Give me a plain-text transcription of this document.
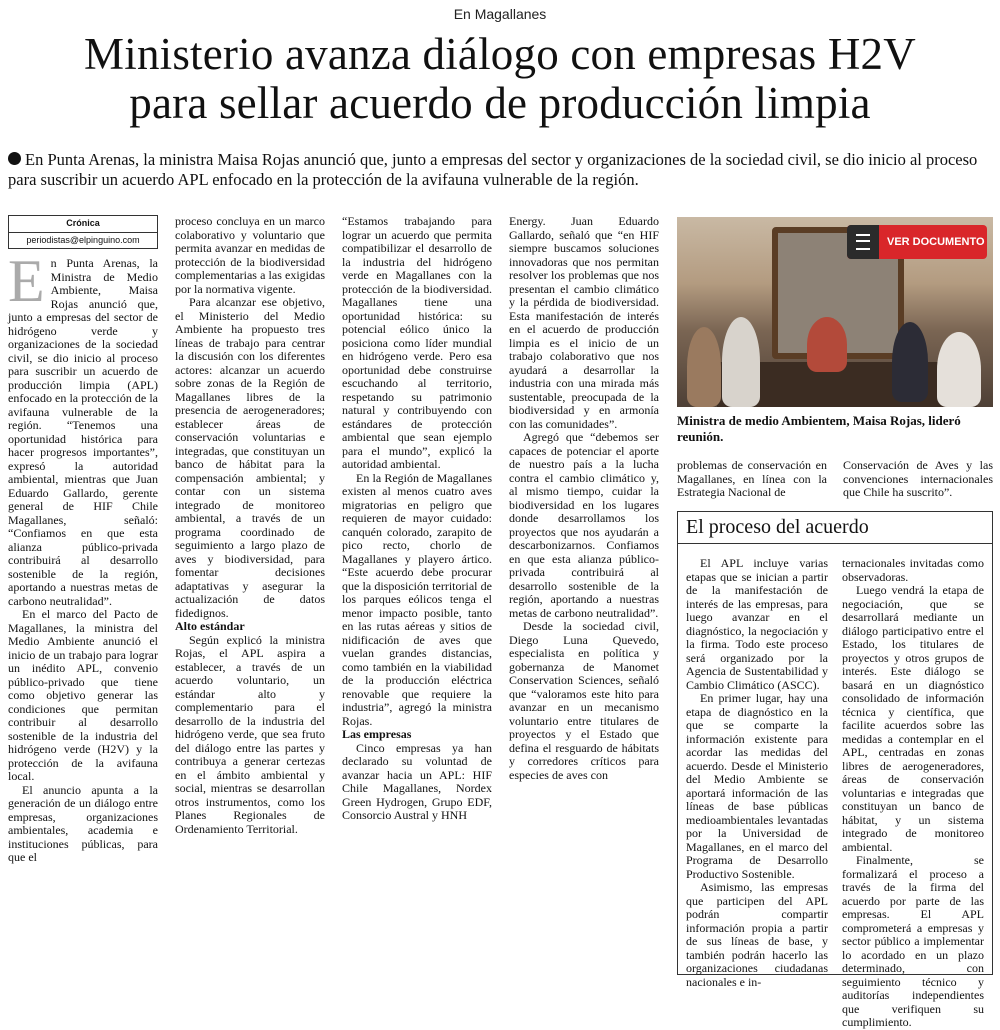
En Magallanes
Ministerio avanza diálogo con empresas H2V
para sellar acuerdo de producción limpia
En Punta Arenas, la ministra Maisa Rojas anunció que, junto a empresas del sector y organizaciones de la sociedad civil, se dio inicio al proceso para suscribir un acuerdo APL enfocado en la protección de la avifauna vulnerable de la región.
Crónica
periodistas@elpinguino.com

En Punta Arenas, la Ministra de Medio Ambiente, Maisa Rojas anunció que, junto a empresas del sector de hidrógeno verde y organizaciones de la sociedad civil, se dio inicio al proceso para suscribir un acuerdo de producción limpia (APL) enfocado en la protección de la avifauna vulnerable de la región. “Tenemos una oportunidad histórica para hacer progresos importantes”, expresó la autoridad ambiental, mientras que Juan Eduardo Gallardo, gerente general de HIF Chile Magallanes, señaló: “Confiamos en que esta alianza público-privada contribuirá al desarrollo sostenible de la región, aportando a nuestras metas de carbono neutralidad”.

En el marco del Pacto de Magallanes, la ministra del Medio Ambiente anunció el inicio de un trabajo para lograr un inédito APL, convenio público-privado que tiene como objetivo generar las condiciones que permitan contribuir al desarrollo sostenible de la industria del hidrógeno verde (H2V) y la protección de la avifauna local.

El anuncio apunta a la generación de un diálogo entre empresas, organizaciones ambientales, academia e instituciones públicas, para que el

proceso concluya en un marco colaborativo y voluntario que permita avanzar en medidas de protección de la biodiversidad complementarias a las exigidas por la normativa vigente.

Para alcanzar ese objetivo, el Ministerio del Medio Ambiente ha propuesto tres líneas de trabajo para centrar la discusión con los diferentes actores: alcanzar un acuerdo sobre zonas de la Región de Magallanes libres de la presencia de aerogeneradores; establecer áreas de conservación voluntarias e integradas, que constituyan un banco de hábitat para la compensación ambiental; y contar con un sistema integrado de monitoreo ambiental, a través de un programa coordinado de seguimiento a largo plazo de aves y biodiversidad, para fomentar decisiones adaptativas y asegurar la actualización de datos fidedignos.

Alto estándar

Según explicó la ministra Rojas, el APL aspira a establecer, a través de un acuerdo voluntario, un estándar alto y complementario para el desarrollo de la industria del hidrógeno verde, que sea fruto del diálogo entre las partes y contribuya a generar certezas en el ámbito ambiental y social, mientras se desarrollan otros instrumentos, como los Planes Regionales de Ordenamiento Territorial.

“Estamos trabajando para lograr un acuerdo que permita compatibilizar el desarrollo de la industria del hidrógeno verde en Magallanes con la protección de la biodiversidad. Magallanes tiene una oportunidad histórica: su potencial eólico único la posiciona como líder mundial en hidrógeno verde. Pero esa oportunidad debe construirse escuchando al territorio, respetando su patrimonio natural y contribuyendo con estándares de protección ambiental que sean ejemplo para el mundo”, explicó la autoridad ambiental.

En la Región de Magallanes existen al menos cuatro aves migratorias en peligro que requieren de mayor cuidado: canquén colorado, zarapito de pico recto, chorlo de Magallanes y playero ártico. “Este acuerdo debe procurar que la disposición territorial de los parques eólicos tenga el menor impacto posible, tanto en las rutas aéreas y sitios de nidificación de aves que vuelan grandes distancias, como también en la viabilidad de la producción eléctrica renovable que requiere la industria”, agregó la ministra Rojas.

Las empresas

Cinco empresas ya han declarado su voluntad de avanzar hacia un APL: HIF Chile Magallanes, Nordex Green Hydrogen, Grupo EDF, Consorcio Austral y HNH

Energy. Juan Eduardo Gallardo, señaló que “en HIF siempre buscamos soluciones innovadoras que nos permitan resolver los problemas que nos presentan el cambio climático y la pérdida de biodiversidad. Esta manifestación de interés en el acuerdo de producción limpia es el inicio de un trabajo colaborativo que nos ayudará a desarrollar la industria con una mirada más sustentable, preocupada de la biodiversidad y en armonía con las comunidades”.

Agregó que “debemos ser capaces de potenciar el aporte de nuestro país a la lucha contra el cambio climático y, al mismo tiempo, cuidar la biodiversidad en los lugares donde desarrollamos los proyectos que nos ayudarán a descarbonizarnos. Confiamos en que esta alianza público-privada contribuirá al desarrollo sostenible de la región, aportando a nuestras metas de carbono neutralidad”.

Desde la sociedad civil, Diego Luna Quevedo, especialista en política y gobernanza de Manomet Conservation Sciences, señaló que “valoramos este hito para avanzar en un mecanismo voluntario entre titulares de proyectos y el Estado que defina el resguardo de hábitats y corredores críticos para especies de aves con

VER DOCUMENTO
Ministra de medio Ambientem, Maisa Rojas, lideró reunión.
problemas de conservación en Magallanes, en línea con la Estrategia Nacional de
Conservación de Aves y las convenciones internacionales que Chile ha suscrito”.
El proceso del acuerdo

El APL incluye varias etapas que se inician a partir de la manifestación de interés de las empresas, para luego avanzar en el diagnóstico, la negociación y la firma. Todo este proceso será organizado por la Agencia de Sustentabilidad y Cambio Climático (ASCC).

En primer lugar, hay una etapa de diagnóstico en la que se comparte la información existente para acordar las medidas del acuerdo. Desde el Ministerio del Medio Ambiente se aportará información de las líneas de base públicas medioambientales levantadas por la Universidad de Magallanes, en el marco del Programa de Desarrollo Productivo Sostenible.

Asimismo, las empresas que participen del APL podrán compartir información propia a partir de sus líneas de base, y también podrán hacerlo las organizaciones ciudadanas nacionales e in-

ternacionales invitadas como observadoras.

Luego vendrá la etapa de negociación, que se desarrollará mediante un diálogo participativo entre el Estado, los titulares de proyectos y otros grupos de interés. Este diálogo se basará en un diagnóstico consolidado de información técnica y científica, que facilite acuerdos sobre las medidas a contemplar en el APL, centradas en zonas libres de aerogeneradores, áreas de conservación voluntarias e integradas que constituyan un banco de hábitat, y un sistema integrado de monitoreo ambiental.

Finalmente, se formalizará el proceso a través de la firma del acuerdo por parte de las empresas. El APL comprometerá a empresas y sector público a implementar lo acordado en un plazo determinado, con seguimiento técnico y auditorías independientes que verifiquen su cumplimiento.
